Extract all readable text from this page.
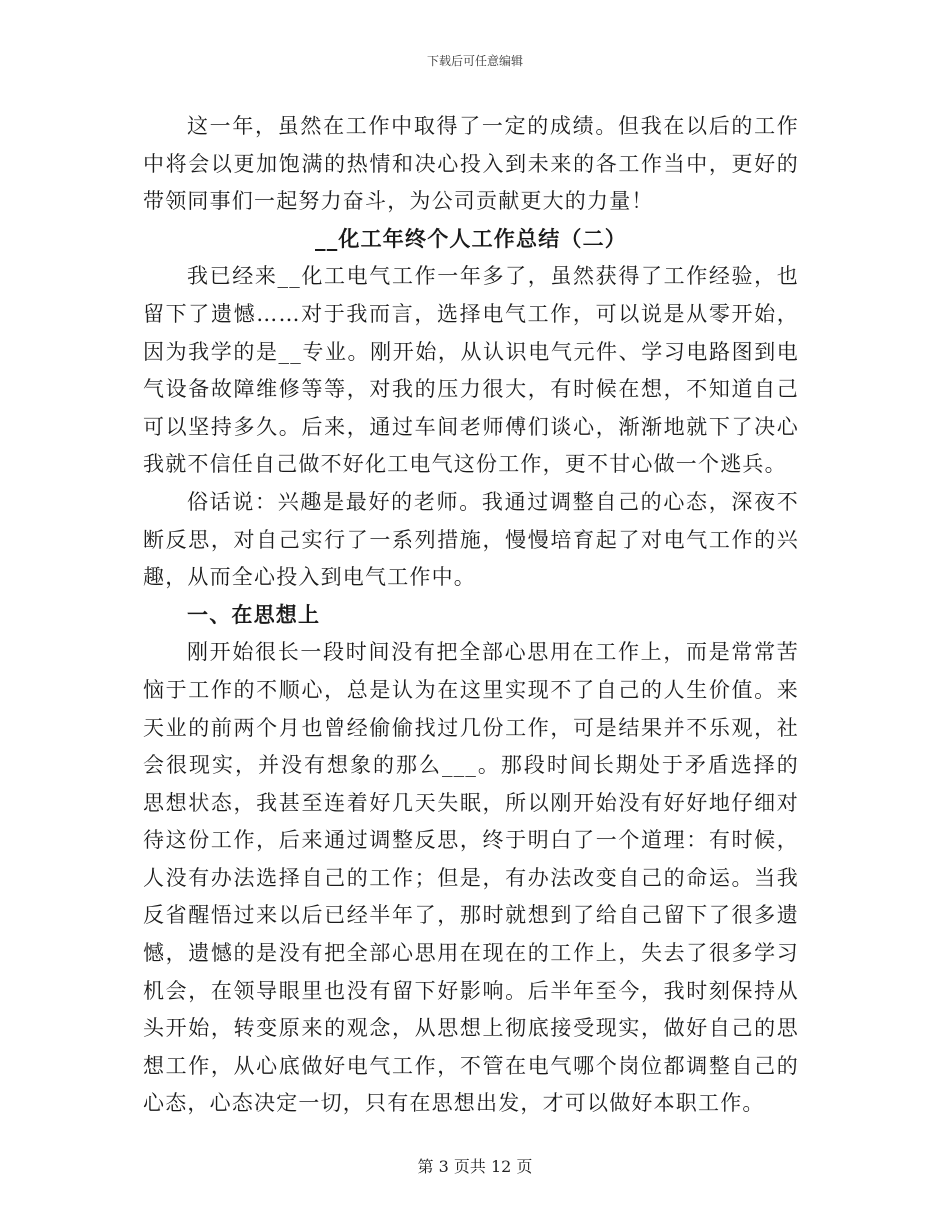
下载后可任意编辑

这一年，虽然在工作中取得了一定的成绩。但我在以后的工作中将会以更加饱满的热情和决心投入到未来的各工作当中，更好的带领同事们一起努力奋斗，为公司贡献更大的力量！

__化工年终个人工作总结（二）

我已经来__化工电气工作一年多了，虽然获得了工作经验，也留下了遗憾……对于我而言，选择电气工作，可以说是从零开始，因为我学的是__专业。刚开始，从认识电气元件、学习电路图到电气设备故障维修等等，对我的压力很大，有时候在想，不知道自己可以坚持多久。后来，通过车间老师傅们谈心，渐渐地就下了决心我就不信任自己做不好化工电气这份工作，更不甘心做一个逃兵。

俗话说：兴趣是最好的老师。我通过调整自己的心态，深夜不断反思，对自己实行了一系列措施，慢慢培育起了对电气工作的兴趣，从而全心投入到电气工作中。

一、在思想上

刚开始很长一段时间没有把全部心思用在工作上，而是常常苦恼于工作的不顺心，总是认为在这里实现不了自己的人生价值。来天业的前两个月也曾经偷偷找过几份工作，可是结果并不乐观，社会很现实，并没有想象的那么___。那段时间长期处于矛盾选择的思想状态，我甚至连着好几天失眠，所以刚开始没有好好地仔细对待这份工作，后来通过调整反思，终于明白了一个道理：有时候，人没有办法选择自己的工作；但是，有办法改变自己的命运。当我反省醒悟过来以后已经半年了，那时就想到了给自己留下了很多遗憾，遗憾的是没有把全部心思用在现在的工作上，失去了很多学习机会，在领导眼里也没有留下好影响。后半年至今，我时刻保持从头开始，转变原来的观念，从思想上彻底接受现实，做好自己的思想工作，从心底做好电气工作，不管在电气哪个岗位都调整自己的心态，心态决定一切，只有在思想出发，才可以做好本职工作。

第 3 页共 12 页
